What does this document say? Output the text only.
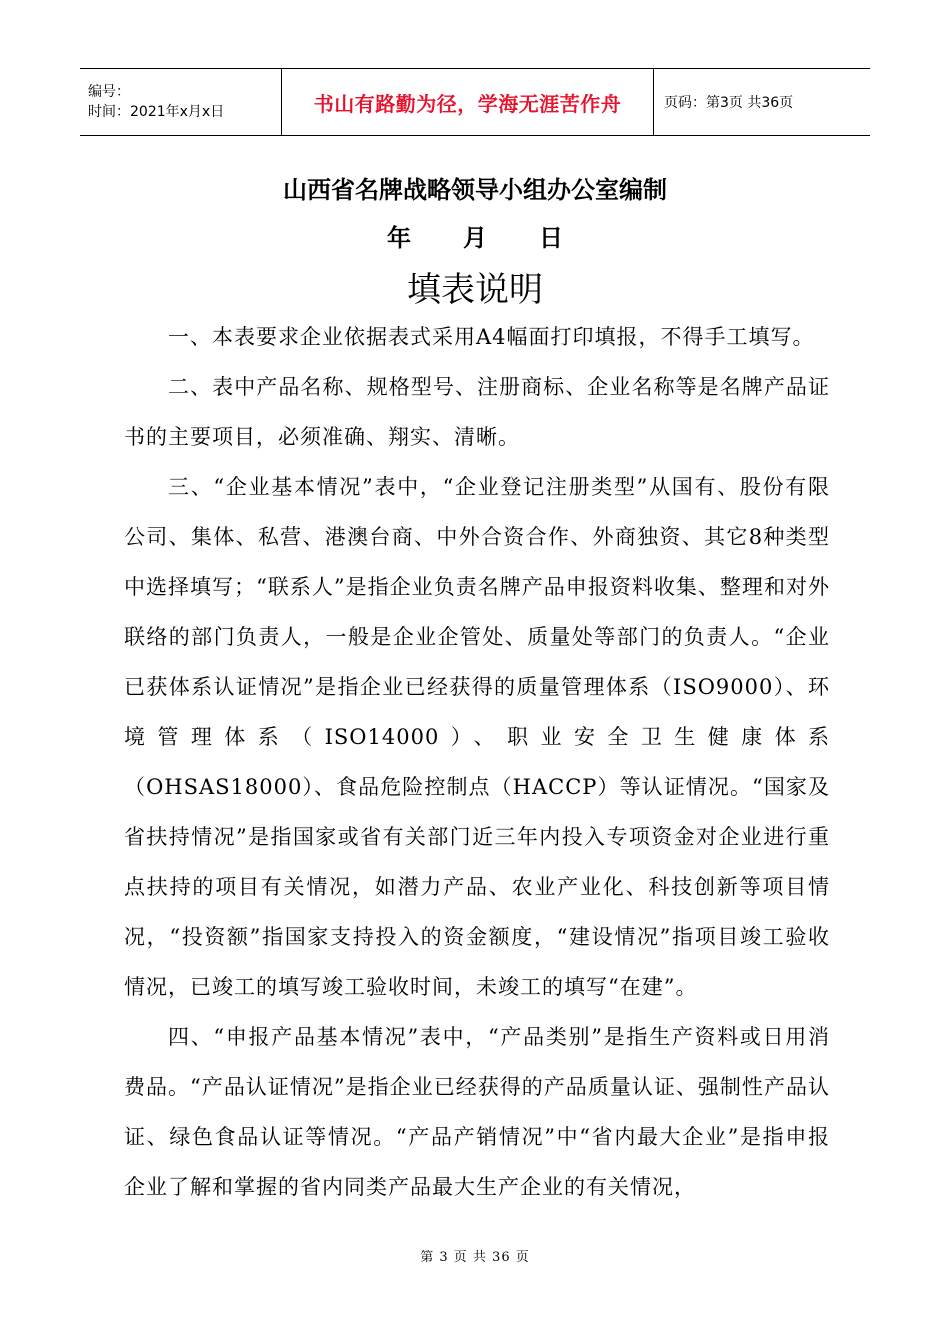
编号：
时间：2021年x月x日	书山有路勤为径，学海无涯苦作舟	页码：第3页 共36页
山西省名牌战略领导小组办公室编制
年 月 日
填表说明

一、本表要求企业依据表式采用A4幅面打印填报，不得手工填写。

二、表中产品名称、规格型号、注册商标、企业名称等是名牌产品证书的主要项目，必须准确、翔实、清晰。

三、“企业基本情况”表中，“企业登记注册类型”从国有、股份有限公司、集体、私营、港澳台商、中外合资合作、外商独资、其它8种类型中选择填写；“联系人”是指企业负责名牌产品申报资料收集、整理和对外联络的部门负责人，一般是企业企管处、质量处等部门的负责人。“企业已获体系认证情况”是指企业已经获得的质量管理体系（ISO9000）、环境管理体系（ISO14000）、职业安全卫生健康体系（OHSAS18000）、食品危险控制点（HACCP）等认证情况。“国家及省扶持情况”是指国家或省有关部门近三年内投入专项资金对企业进行重点扶持的项目有关情况，如潜力产品、农业产业化、科技创新等项目情况，“投资额”指国家支持投入的资金额度，“建设情况”指项目竣工验收情况，已竣工的填写竣工验收时间，未竣工的填写“在建”。

四、“申报产品基本情况”表中，“产品类别”是指生产资料或日用消费品。“产品认证情况”是指企业已经获得的产品质量认证、强制性产品认证、绿色食品认证等情况。“产品产销情况”中“省内最大企业”是指申报企业了解和掌握的省内同类产品最大生产企业的有关情况，

第 3 页 共 36 页
